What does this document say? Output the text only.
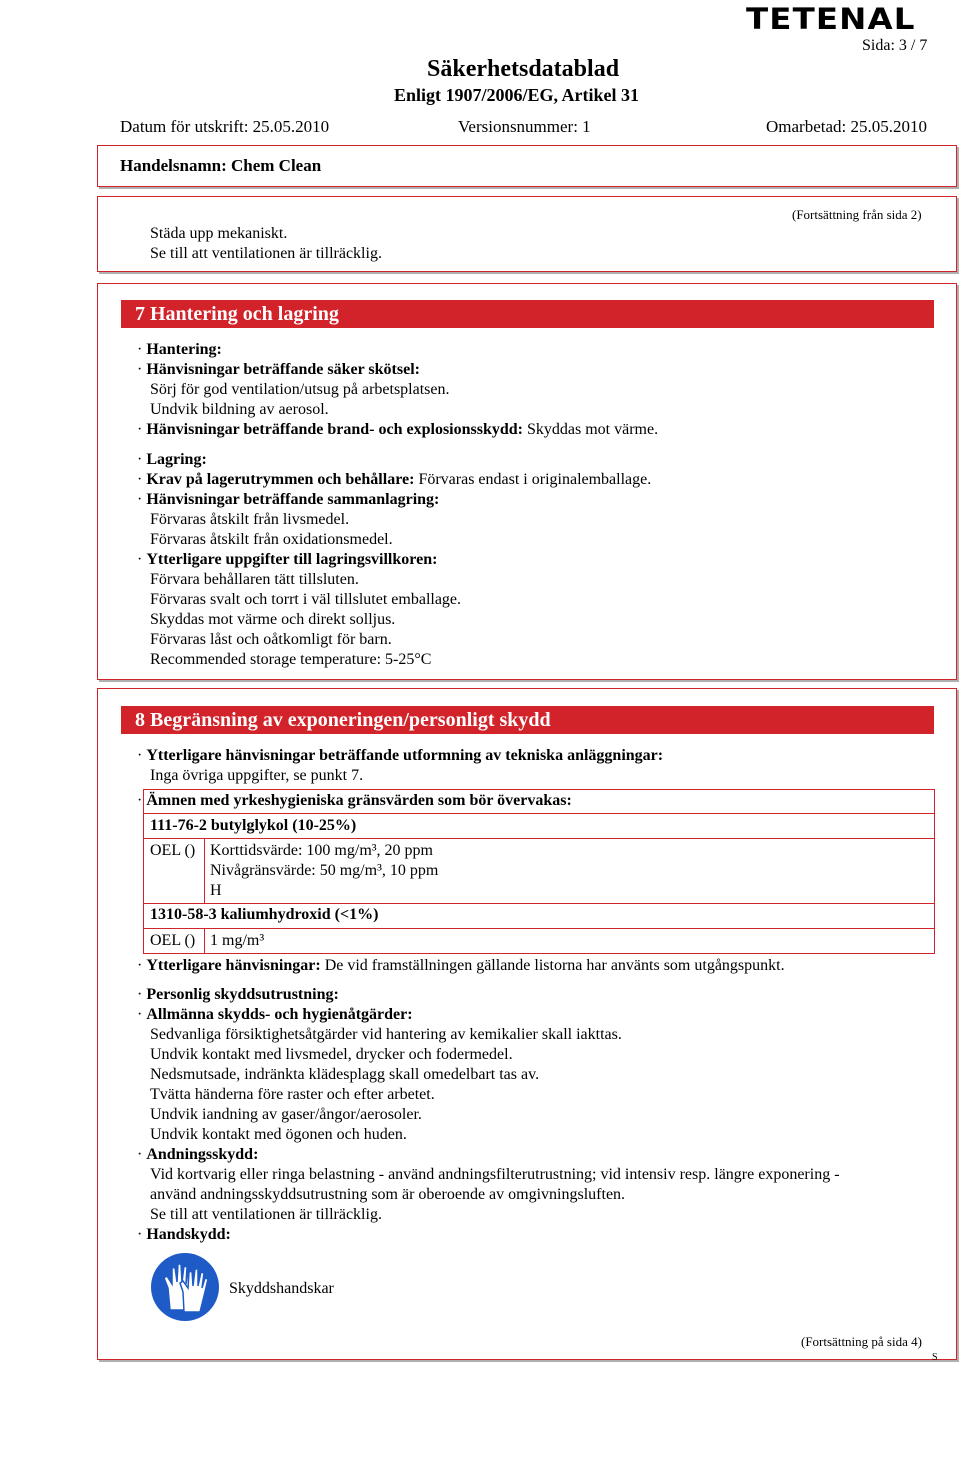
TETENAL
Sida: 3 / 7
Säkerhetsdatablad
Enligt 1907/2006/EG, Artikel 31
Datum för utskrift: 25.05.2010	Versionsnummer: 1	Omarbetad: 25.05.2010
Handelsnamn: Chem Clean
(Fortsättning från sida 2)
Städa upp mekaniskt.
Se till att ventilationen är tillräcklig.
7 Hantering och lagring
· Hantering:
· Hänvisningar beträffande säker skötsel:
Sörj för god ventilation/utsug på arbetsplatsen.
Undvik bildning av aerosol.
· Hänvisningar beträffande brand- och explosionsskydd: Skyddas mot värme.
· Lagring:
· Krav på lagerutrymmen och behållare: Förvaras endast i originalemballage.
· Hänvisningar beträffande sammanlagring:
Förvaras åtskilt från livsmedel.
Förvaras åtskilt från oxidationsmedel.
· Ytterligare uppgifter till lagringsvillkoren:
Förvara behållaren tätt tillsluten.
Förvaras svalt och torrt i väl tillslutet emballage.
Skyddas mot värme och direkt solljus.
Förvaras låst och oåtkomligt för barn.
Recommended storage temperature: 5-25°C
8 Begränsning av exponeringen/personligt skydd
· Ytterligare hänvisningar beträffande utformning av tekniska anläggningar:
Inga övriga uppgifter, se punkt 7.
· Ämnen med yrkeshygieniska gränsvärden som bör övervakas:
111-76-2 butylglykol (10-25%)
OEL () Korttidsvärde: 100 mg/m³, 20 ppm
Nivågränsvärde: 50 mg/m³, 10 ppm
H
1310-58-3 kaliumhydroxid (<1%)
OEL () 1 mg/m³
· Ytterligare hänvisningar: De vid framställningen gällande listorna har använts som utgångspunkt.
· Personlig skyddsutrustning:
· Allmänna skydds- och hygienåtgärder:
Sedvanliga försiktighetsåtgärder vid hantering av kemikalier skall iakttas.
Undvik kontakt med livsmedel, drycker och fodermedel.
Nedsmutsade, indränkta klädesplagg skall omedelbart tas av.
Tvätta händerna före raster och efter arbetet.
Undvik iandning av gaser/ångor/aerosoler.
Undvik kontakt med ögonen och huden.
· Andningsskydd:
Vid kortvarig eller ringa belastning - använd andningsfilterutrustning; vid intensiv resp. längre exponering -
använd andningsskyddsutrustning som är oberoende av omgivningsluften.
Se till att ventilationen är tillräcklig.
· Handskydd:
Skyddshandskar
(Fortsättning på sida 4)
S
